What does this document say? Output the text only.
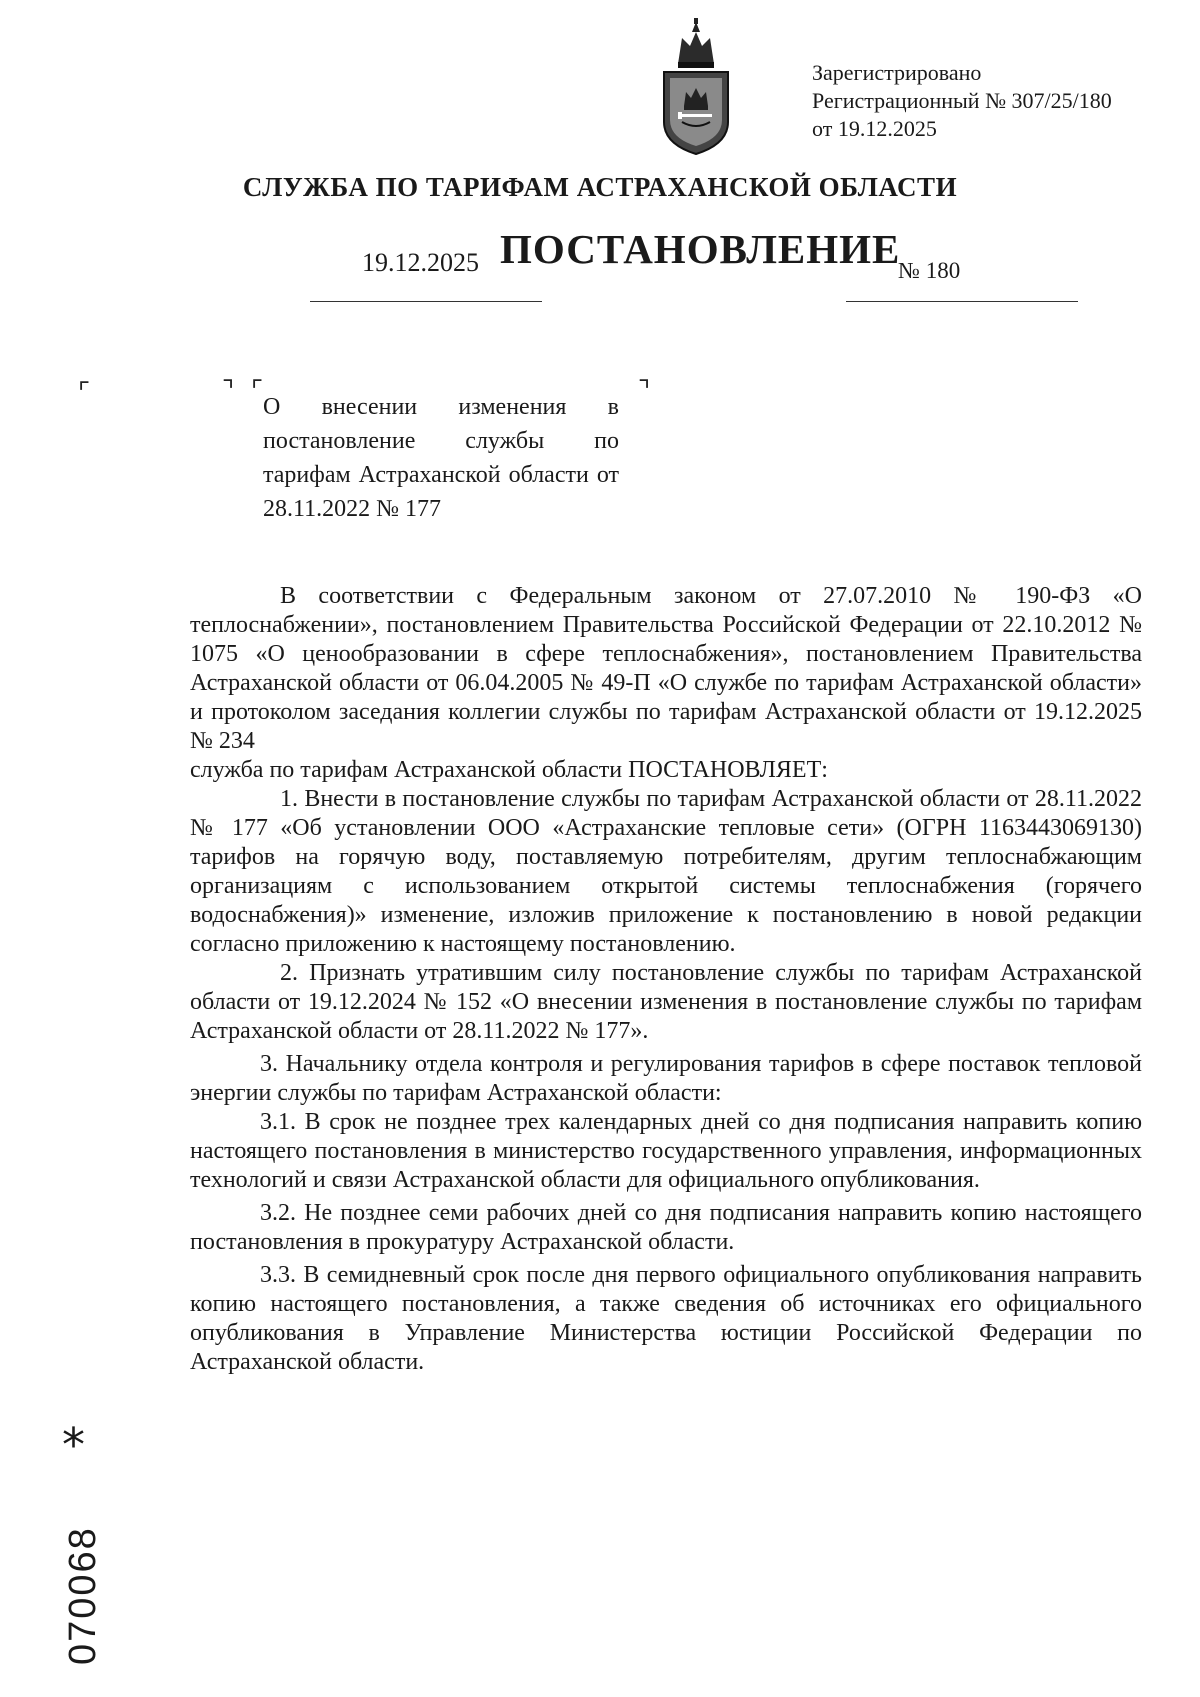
Зарегистрировано
Регистрационный № 307/25/180
от 19.12.2025
СЛУЖБА ПО ТАРИФАМ АСТРАХАНСКОЙ ОБЛАСТИ
19.12.2025 ПОСТАНОВЛЕНИЕ
№ 180
⌜	⌝ ⌜	⌝
О внесении изменения в постановление службы по тарифам Астраханской области от 28.11.2022 № 177

В соответствии с Федеральным законом от 27.07.2010 № 190-ФЗ «О теплоснабжении», постановлением Правительства Российской Федерации от 22.10.2012 № 1075 «О ценообразовании в сфере теплоснабжения», постановлением Правительства Астраханской области от 06.04.2005 № 49-П «О службе по тарифам Астраханской области» и протоколом заседания коллегии службы по тарифам Астраханской области от 19.12.2025 № 234

служба по тарифам Астраханской области ПОСТАНОВЛЯЕТ:

1. Внести в постановление службы по тарифам Астраханской области от 28.11.2022 № 177 «Об установлении ООО «Астраханские тепловые сети» (ОГРН 1163443069130) тарифов на горячую воду, поставляемую потребителям, другим теплоснабжающим организациям с использованием открытой системы теплоснабжения (горячего водоснабжения)» изменение, изложив приложение к постановлению в новой редакции согласно приложению к настоящему постановлению.

2. Признать утратившим силу постановление службы по тарифам Астраханской области от 19.12.2024 № 152 «О внесении изменения в постановление службы по тарифам Астраханской области от 28.11.2022 № 177».

3. Начальнику отдела контроля и регулирования тарифов в сфере поставок тепловой энергии службы по тарифам Астраханской области:

3.1. В срок не позднее трех календарных дней со дня подписания направить копию настоящего постановления в министерство государственного управления, информационных технологий и связи Астраханской области для официального опубликования.

3.2. Не позднее семи рабочих дней со дня подписания направить копию настоящего постановления в прокуратуру Астраханской области.

3.3. В семидневный срок после дня первого официального опубликования направить копию настоящего постановления, а также сведения об источниках его официального опубликования в Управление Министерства юстиции Российской Федерации по Астраханской области.

*
070068
